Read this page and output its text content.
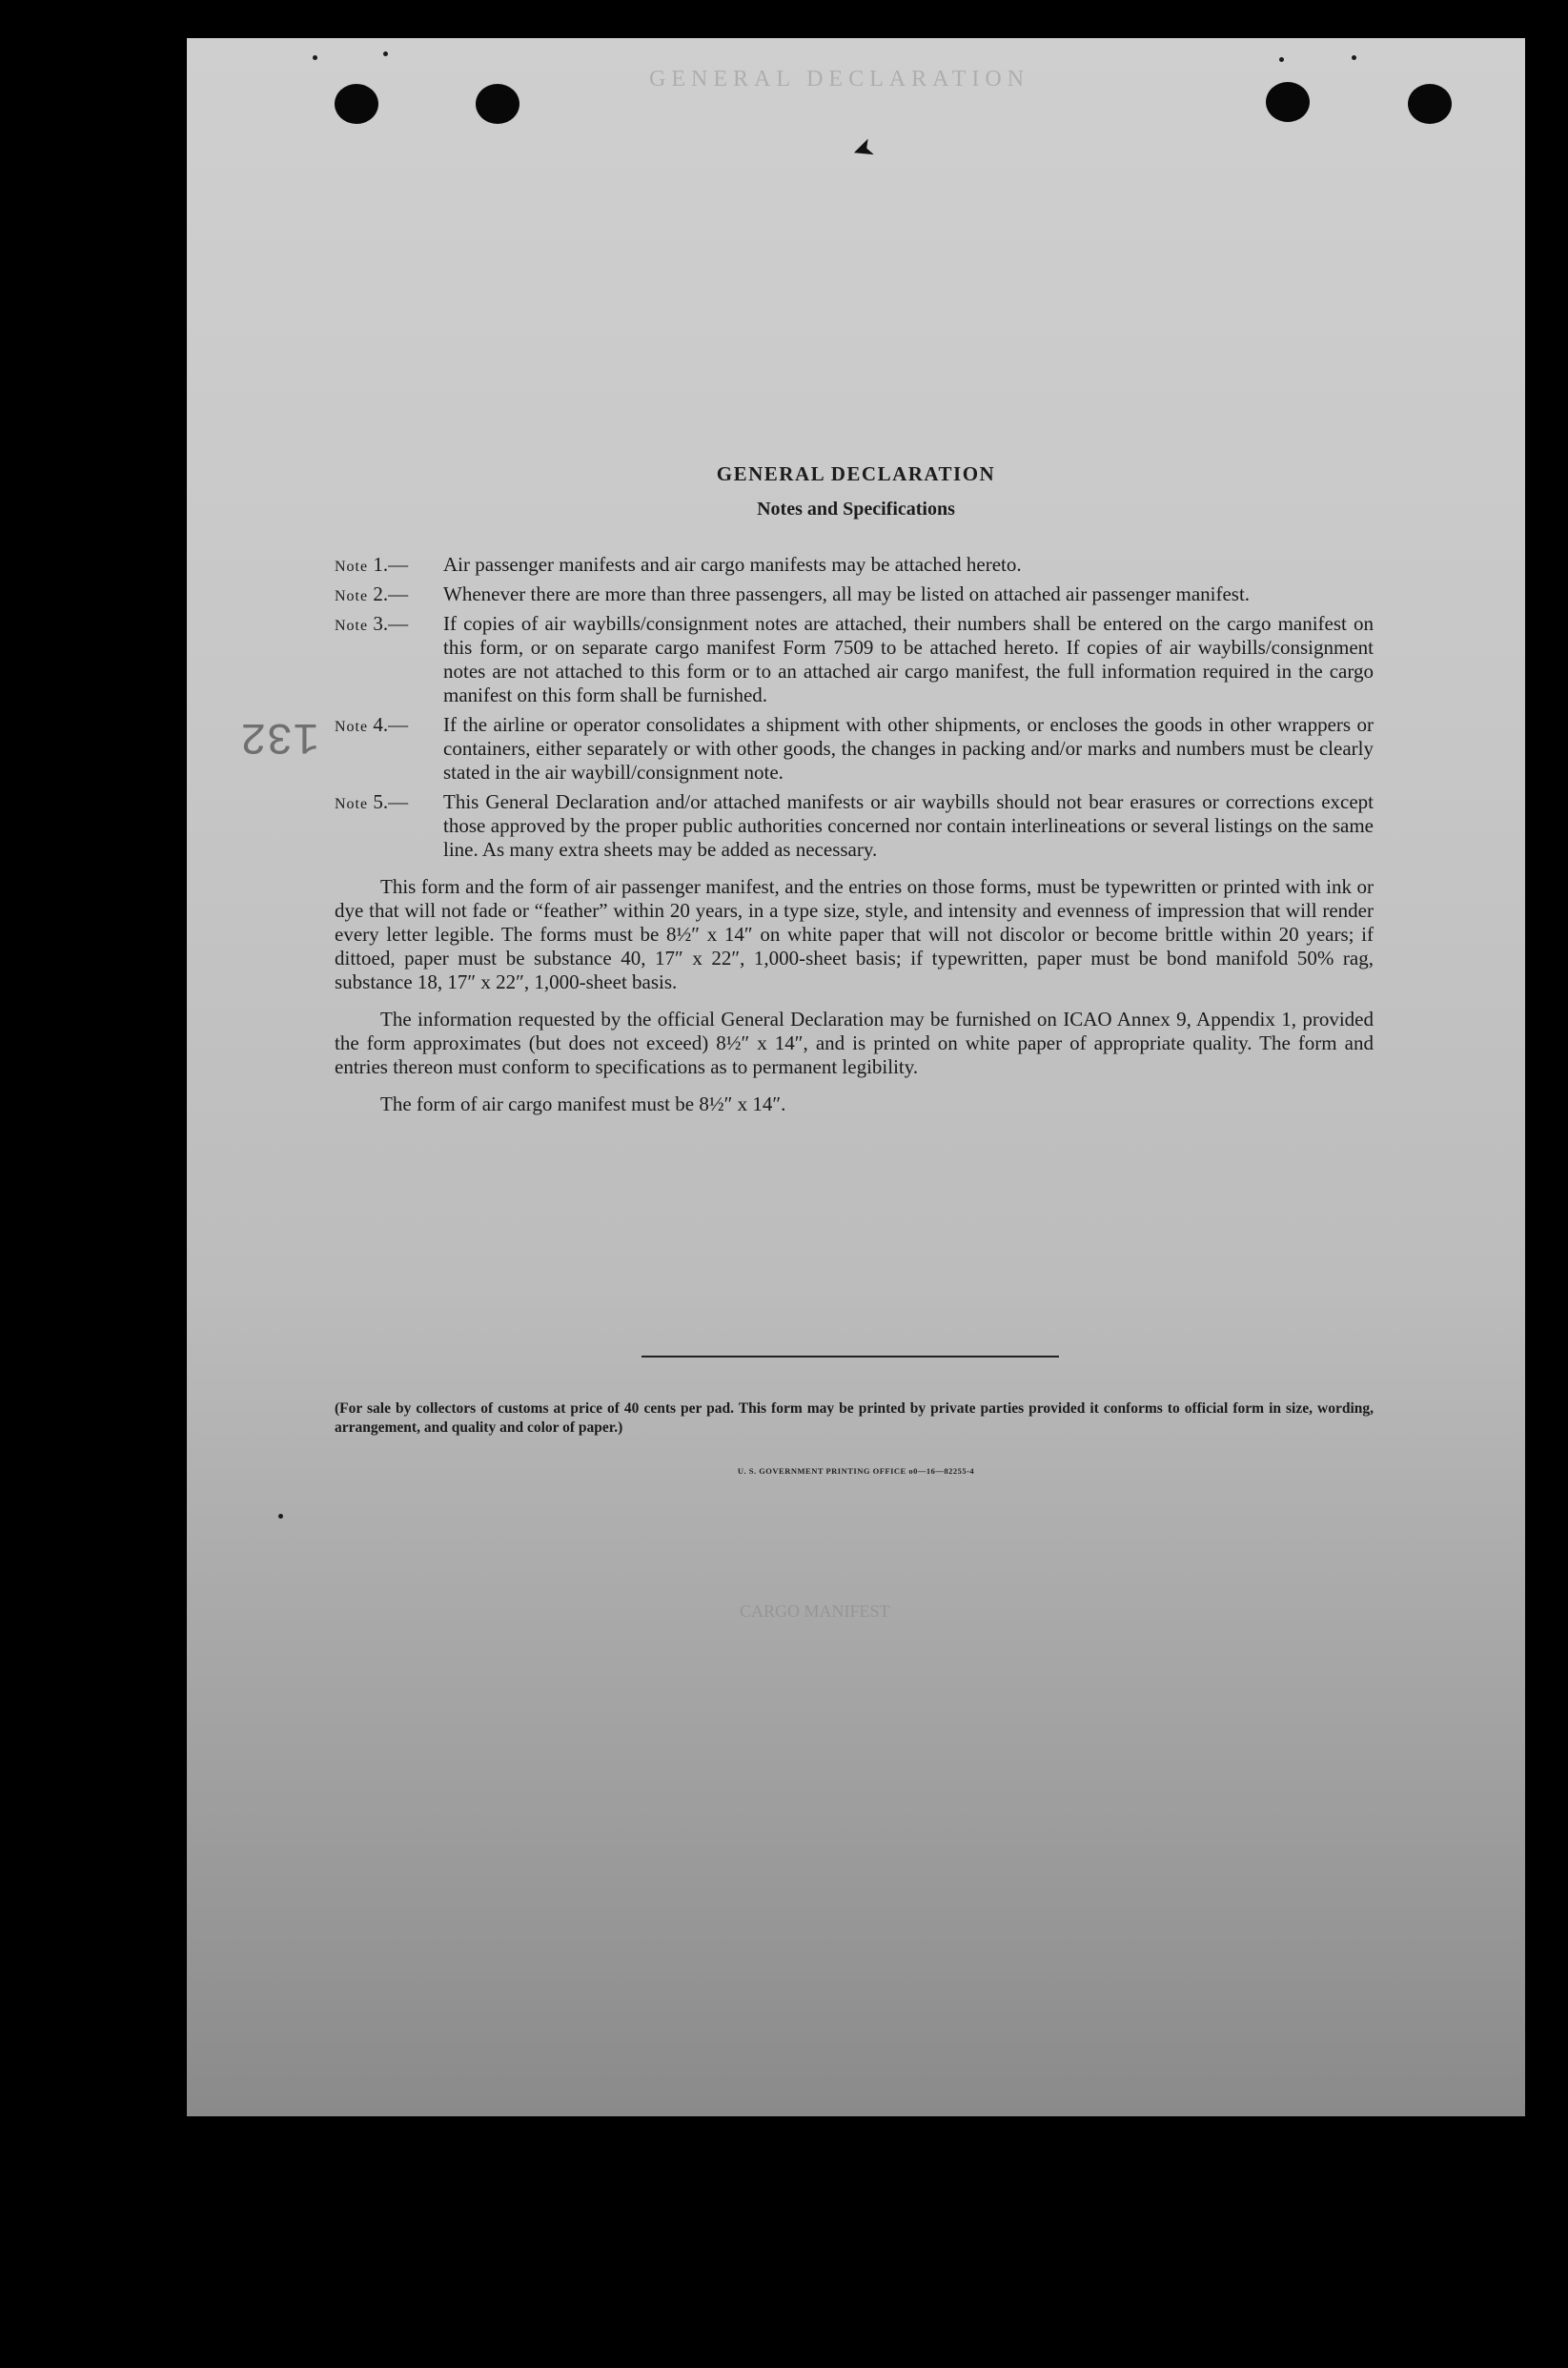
➤
GENERAL DECLARATION
CARGO MANIFEST
GENERAL DECLARATION
Notes and Specifications
Note 1.— Air passenger manifests and air cargo manifests may be attached hereto.
Note 2.— Whenever there are more than three passengers, all may be listed on attached air passenger manifest.
Note 3.— If copies of air waybills/consignment notes are attached, their numbers shall be entered on the cargo manifest on this form, or on separate cargo manifest Form 7509 to be attached hereto. If copies of air waybills/consignment notes are not attached to this form or to an attached air cargo manifest, the full information required in the cargo manifest on this form shall be furnished.
Note 4.— If the airline or operator consolidates a shipment with other shipments, or encloses the goods in other wrappers or containers, either separately or with other goods, the changes in packing and/or marks and numbers must be clearly stated in the air waybill/consignment note.
Note 5.— This General Declaration and/or attached manifests or air waybills should not bear erasures or corrections except those approved by the proper public authorities concerned nor contain interlineations or several listings on the same line. As many extra sheets may be added as necessary.

This form and the form of air passenger manifest, and the entries on those forms, must be typewritten or printed with ink or dye that will not fade or “feather” within 20 years, in a type size, style, and intensity and evenness of impression that will render every letter legible. The forms must be 8½″ x 14″ on white paper that will not discolor or become brittle within 20 years; if dittoed, paper must be substance 40, 17″ x 22″, 1,000-sheet basis; if typewritten, paper must be bond manifold 50% rag, substance 18, 17″ x 22″, 1,000-sheet basis.

The information requested by the official General Declaration may be furnished on ICAO Annex 9, Appendix 1, provided the form approximates (but does not exceed) 8½″ x 14″, and is printed on white paper of appropriate quality. The form and entries thereon must conform to specifications as to permanent legibility.

The form of air cargo manifest must be 8½″ x 14″.

(For sale by collectors of customs at price of 40 cents per pad. This form may be printed by private parties provided it conforms to official form in size, wording, arrangement, and quality and color of paper.)
U. S. GOVERNMENT PRINTING OFFICE o0—16—82255-4
132
